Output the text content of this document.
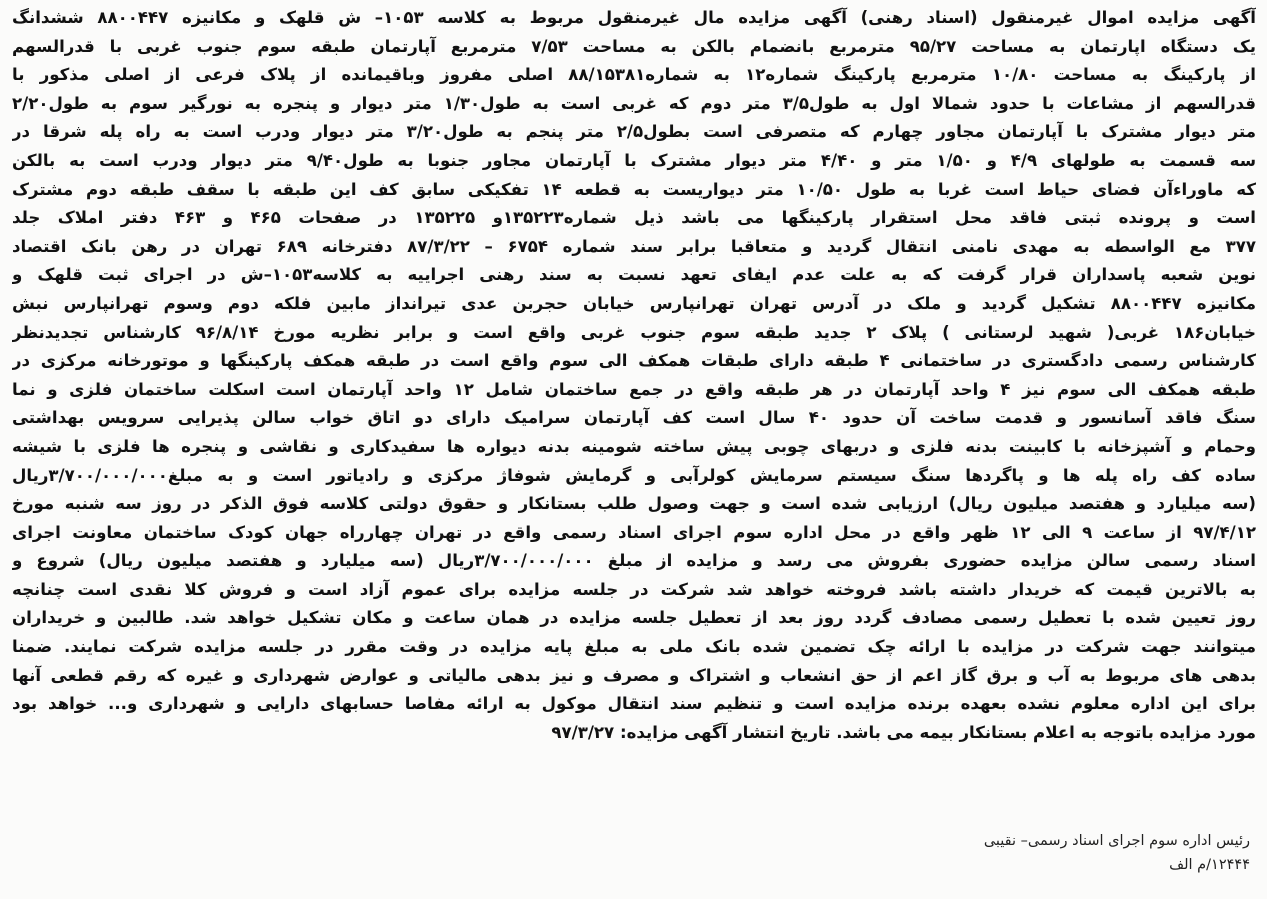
آگهی مزایده اموال غیرمنقول (اسناد رهنی) آگهی مزایده مال غیرمنقول مربوط به کلاسه ۱۰۵۳– ش قلهک و مکانیزه ۸۸۰۰۴۴۷ ششدانگ
یک دستگاه اپارتمان به مساحت ۹۵/۲۷ مترمربع بانضمام بالکن به مساحت ۷/۵۳ مترمربع آپارتمان طبقه سوم جنوب غربی با قدرالسهم
از پارکینگ به مساحت ۱۰/۸۰ مترمربع پارکینگ شماره۱۲ به شماره۸۸/۱۵۳۸۱ اصلی مفروز وباقیمانده از پلاک فرعی از اصلی مذکور با
قدرالسهم از مشاعات با حدود شمالا اول به طول۳/۵ متر دوم که غربی است به طول۱/۳۰ متر دیوار و پنجره به نورگیر سوم به طول۲/۲۰
متر دیوار مشترک با آپارتمان مجاور چهارم که متصرفی است بطول۲/۵ متر پنجم به طول۳/۲۰ متر دیوار ودرب است به راه پله شرقا در
سه قسمت به طولهای ۴/۹ و ۱/۵۰ متر و ۴/۴۰ متر دیوار مشترک با آپارتمان مجاور جنوبا به طول۹/۴۰ متر دیوار ودرب است به بالکن
که ماوراءآن فضای حیاط است غربا به طول ۱۰/۵۰ متر دیواریست به قطعه ۱۴ تفکیکی سابق کف این طبقه با سقف طبقه دوم مشترک
است و پرونده ثبتی فاقد محل استقرار پارکینگها می باشد ذیل شماره۱۳۵۲۲۳و ۱۳۵۲۲۵ در صفحات ۴۶۵ و ۴۶۳ دفتر املاک جلد
۳۷۷ مع الواسطه به مهدی نامنی انتقال گردید و متعاقبا برابر سند شماره ۶۷۵۴ – ۸۷/۳/۲۲ دفترخانه ۶۸۹ تهران در رهن بانک اقتصاد
نوین شعبه پاسداران قرار گرفت که به علت عدم ایفای تعهد نسبت به سند رهنی اجراییه به کلاسه۱۰۵۳–ش در اجرای ثبت قلهک و
مکانیزه ۸۸۰۰۴۴۷ تشکیل گردید و ملک در آدرس تهران تهرانپارس خیابان حجربن عدی تیرانداز مابین فلکه دوم وسوم تهرانپارس نبش
خیابان۱۸۶ غربی( شهید لرستانی ) پلاک ۲ جدید طبقه سوم جنوب غربی واقع است و برابر نظریه مورخ ۹۶/۸/۱۴ کارشناس تجدیدنظر
کارشناس رسمی دادگستری در ساختمانی ۴ طبقه دارای طبقات همکف الی سوم واقع است در طبقه همکف پارکینگها و موتورخانه مرکزی در
طبقه همکف الی سوم نیز ۴ واحد آپارتمان در هر طبقه واقع در جمع ساختمان شامل ۱۲ واحد آپارتمان است اسکلت ساختمان فلزی و نما
سنگ فاقد آسانسور و قدمت ساخت آن حدود ۴۰ سال است کف آپارتمان سرامیک دارای دو اتاق خواب سالن پذیرایی سرویس بهداشتی
وحمام و آشپزخانه با کابینت بدنه فلزی و دربهای چوبی پیش ساخته شومینه بدنه دیواره ها سفیدکاری و نقاشی و پنجره ها فلزی با شیشه
ساده کف راه پله ها و پاگردها سنگ سیستم سرمایش کولرآبی و گرمایش شوفاژ مرکزی و رادیاتور است و به مبلغ۳/۷۰۰/۰۰۰/۰۰۰ریال
(سه میلیارد و هفتصد میلیون ریال) ارزیابی شده است و جهت وصول طلب بستانکار و حقوق دولتی کلاسه فوق الذکر در روز سه شنبه مورخ
۹۷/۴/۱۲ از ساعت ۹ الی ۱۲ ظهر واقع در محل اداره سوم اجرای اسناد رسمی واقع در تهران چهارراه جهان کودک ساختمان معاونت اجرای
اسناد رسمی سالن مزایده حضوری بفروش می رسد و مزایده از مبلغ ۳/۷۰۰/۰۰۰/۰۰۰ریال (سه میلیارد و هفتصد میلیون ریال) شروع و
به بالاترین قیمت که خریدار داشته باشد فروخته خواهد شد شرکت در جلسه مزایده برای عموم آزاد است و فروش کلا نقدی است چنانچه
روز تعیین شده با تعطیل رسمی مصادف گردد روز بعد از تعطیل جلسه مزایده در همان ساعت و مکان تشکیل خواهد شد. طالبین و خریداران
میتوانند جهت شرکت در مزایده با ارائه چک تضمین شده بانک ملی به مبلغ پایه مزایده در وقت مقرر در جلسه مزایده شرکت نمایند. ضمنا
بدهی های مربوط به آب و برق گاز اعم از حق انشعاب و اشتراک و مصرف و نیز بدهی مالیاتی و عوارض شهرداری و غیره که رقم قطعی آنها
برای این اداره معلوم نشده بعهده برنده مزایده است و تنظیم سند انتقال موکول به ارائه مفاصا حسابهای دارایی و شهرداری و... خواهد بود
مورد مزایده باتوجه به اعلام بستانکار بیمه می باشد. تاریخ انتشار آگهی مزایده: ۹۷/۳/۲۷
رئیس اداره سوم اجرای اسناد رسمی– نقیبی
۱۲۴۴۴/م الف
